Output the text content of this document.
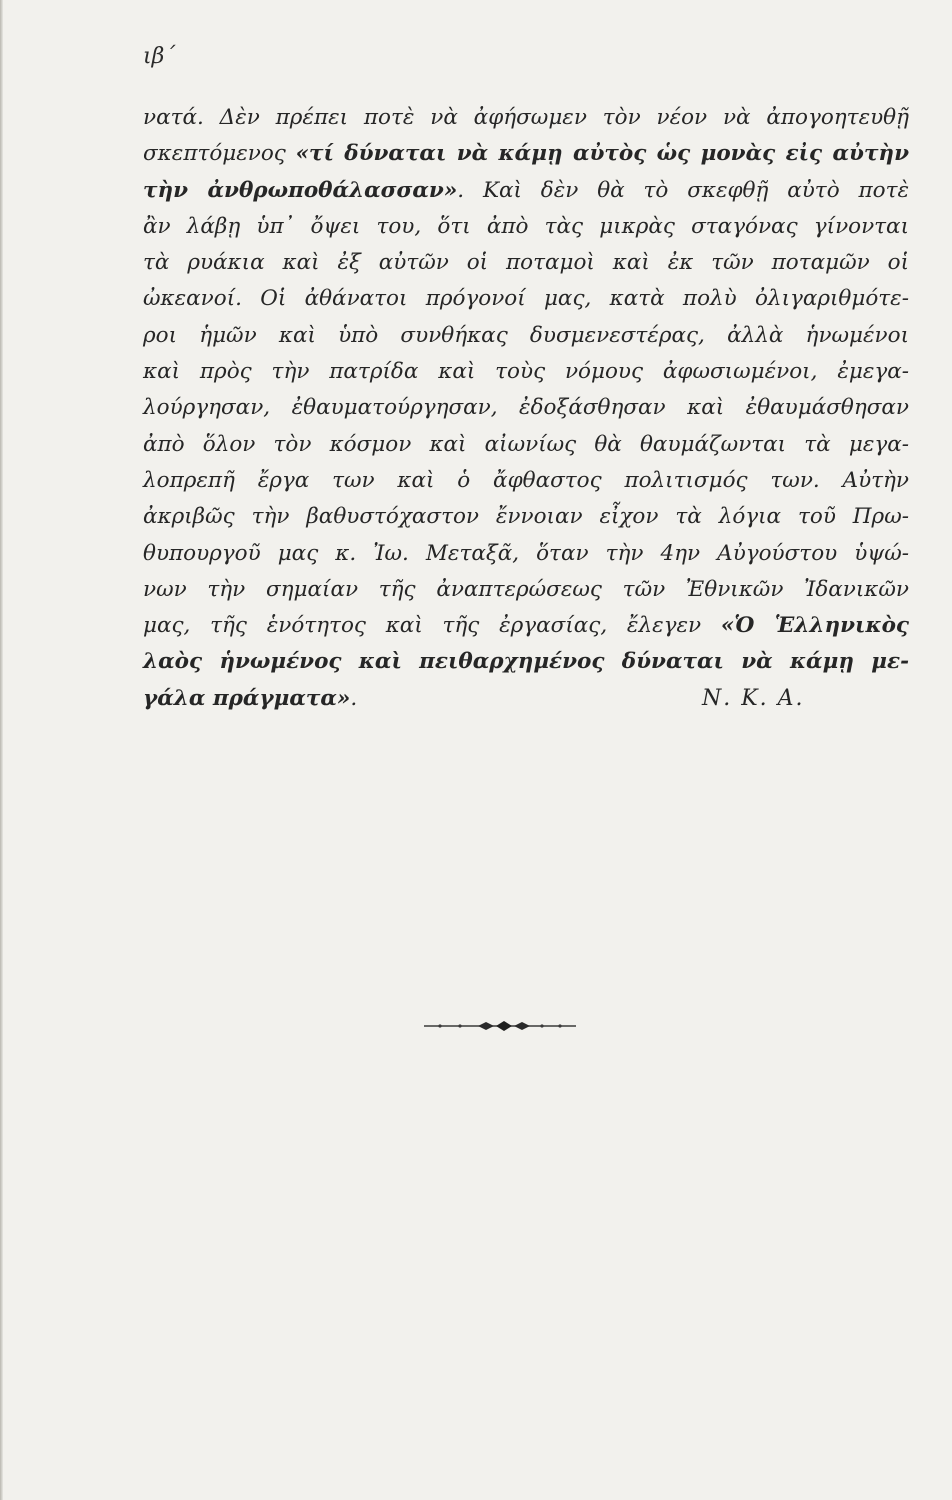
ιβ΄
νατά. Δὲν πρέπει ποτὲ νὰ ἀφήσωμεν τὸν νέον νὰ ἀπογοητευθῇ
σκεπτόμενος «τί δύναται νὰ κάμῃ αὐτὸς ὡς μονὰς εἰς αὐτὴν
τὴν ἀνθρωποθάλασσαν». Καὶ δὲν θὰ τὸ σκεφθῇ αὐτὸ ποτὲ
ἂν λάβῃ ὑπ᾽ ὄψει του, ὅτι ἀπὸ τὰς μικρὰς σταγόνας γίνονται
τὰ ρυάκια καὶ ἐξ αὐτῶν οἱ ποταμοὶ καὶ ἐκ τῶν ποταμῶν οἱ
ὠκεανοί. Οἱ ἀθάνατοι πρόγονοί μας, κατὰ πολὺ ὀλιγαριθμότε-
ροι ἡμῶν καὶ ὑπὸ συνθήκας δυσμενεστέρας, ἀλλὰ ἡνωμένοι
καὶ πρὸς τὴν πατρίδα καὶ τοὺς νόμους ἀφωσιωμένοι, ἐμεγα-
λούργησαν, ἐθαυματούργησαν, ἐδοξάσθησαν καὶ ἐθαυμάσθησαν
ἀπὸ ὅλον τὸν κόσμον καὶ αἰωνίως θὰ θαυμάζωνται τὰ μεγα-
λοπρεπῆ ἔργα των καὶ ὁ ἄφθαστος πολιτισμός των. Αὐτὴν
ἀκριβῶς τὴν βαθυστόχαστον ἔννοιαν εἶχον τὰ λόγια τοῦ Πρω-
θυπουργοῦ μας κ. Ἰω. Μεταξᾶ, ὅταν τὴν 4ην Αὐγούστου ὑψώ-
νων τὴν σημαίαν τῆς ἀναπτερώσεως τῶν Ἐθνικῶν Ἰδανικῶν
μας, τῆς ἑνότητος καὶ τῆς ἐργασίας, ἔλεγεν «Ὁ Ἑλληνικὸς
λαὸς ἡνωμένος καὶ πειθαρχημένος δύναται νὰ κάμῃ με-
γάλα πράγματα».	Ν. Κ. Α.
